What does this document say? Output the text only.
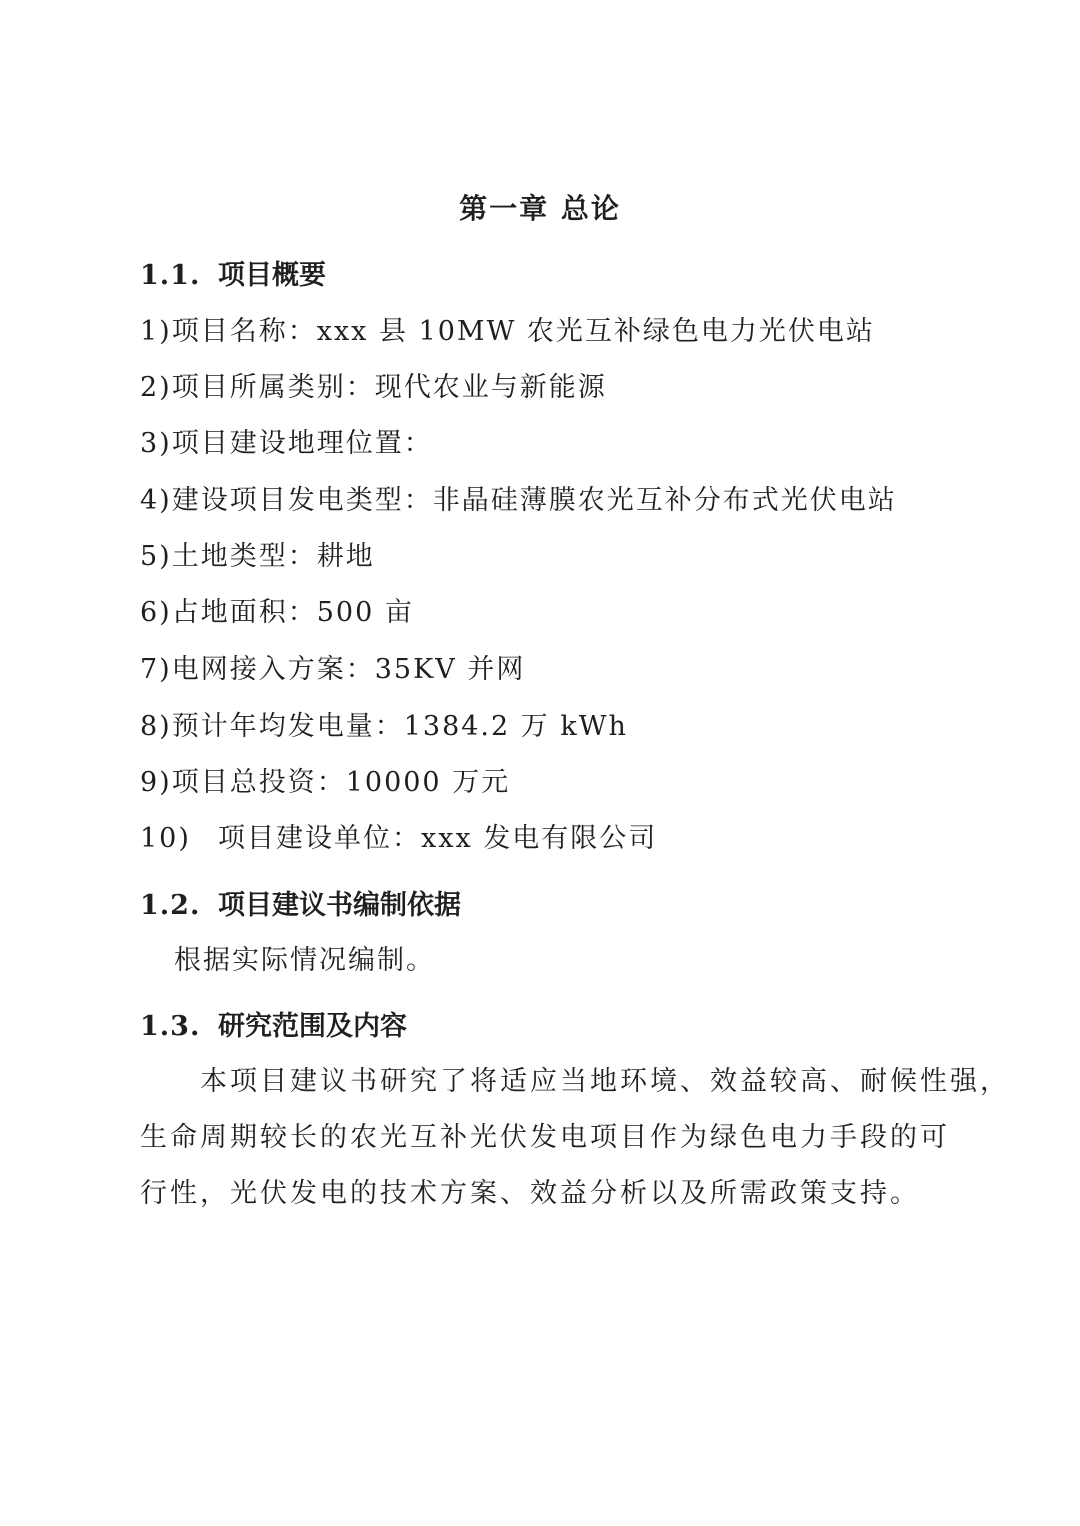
第一章 总论
1.1. 项目概要
1)项目名称：xxx 县 10MW 农光互补绿色电力光伏电站
2)项目所属类别：现代农业与新能源
3)项目建设地理位置：
4)建设项目发电类型：非晶硅薄膜农光互补分布式光伏电站
5)土地类型：耕地
6)占地面积：500 亩
7)电网接入方案：35KV 并网
8)预计年均发电量：1384.2 万 kWh
9)项目总投资：10000 万元
10) 项目建设单位：xxx 发电有限公司
1.2. 项目建议书编制依据
根据实际情况编制。
1.3. 研究范围及内容
本项目建议书研究了将适应当地环境、效益较高、耐候性强，
生命周期较长的农光互补光伏发电项目作为绿色电力手段的可
行性，光伏发电的技术方案、效益分析以及所需政策支持。
